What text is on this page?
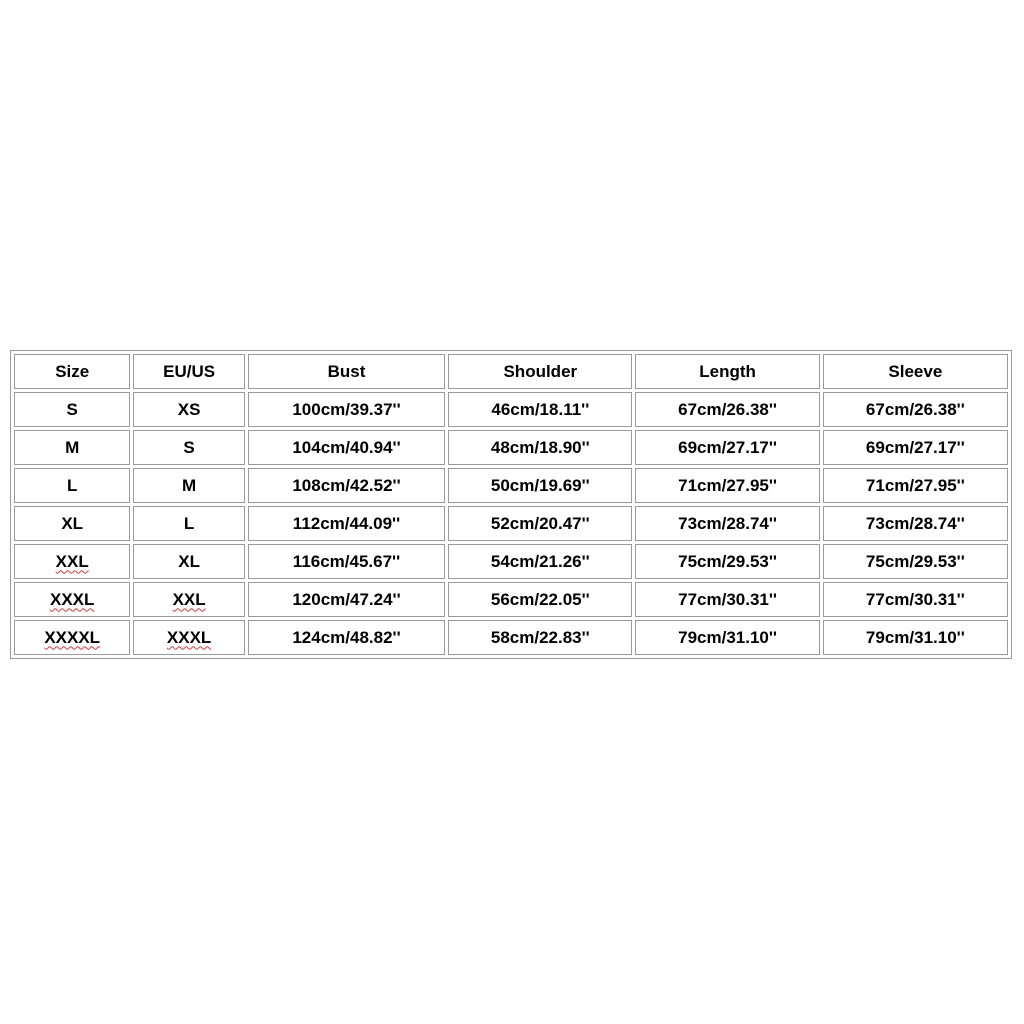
Size	EU/US	Bust	Shoulder	Length	Sleeve
S	XS	100cm/39.37''	46cm/18.11''	67cm/26.38''	67cm/26.38''
M	S	104cm/40.94''	48cm/18.90''	69cm/27.17''	69cm/27.17''
L	M	108cm/42.52''	50cm/19.69''	71cm/27.95''	71cm/27.95''
XL	L	112cm/44.09''	52cm/20.47''	73cm/28.74''	73cm/28.74''
XXL	XL	116cm/45.67''	54cm/21.26''	75cm/29.53''	75cm/29.53''
XXXL	XXL	120cm/47.24''	56cm/22.05''	77cm/30.31''	77cm/30.31''
XXXXL	XXXL	124cm/48.82''	58cm/22.83''	79cm/31.10''	79cm/31.10''
